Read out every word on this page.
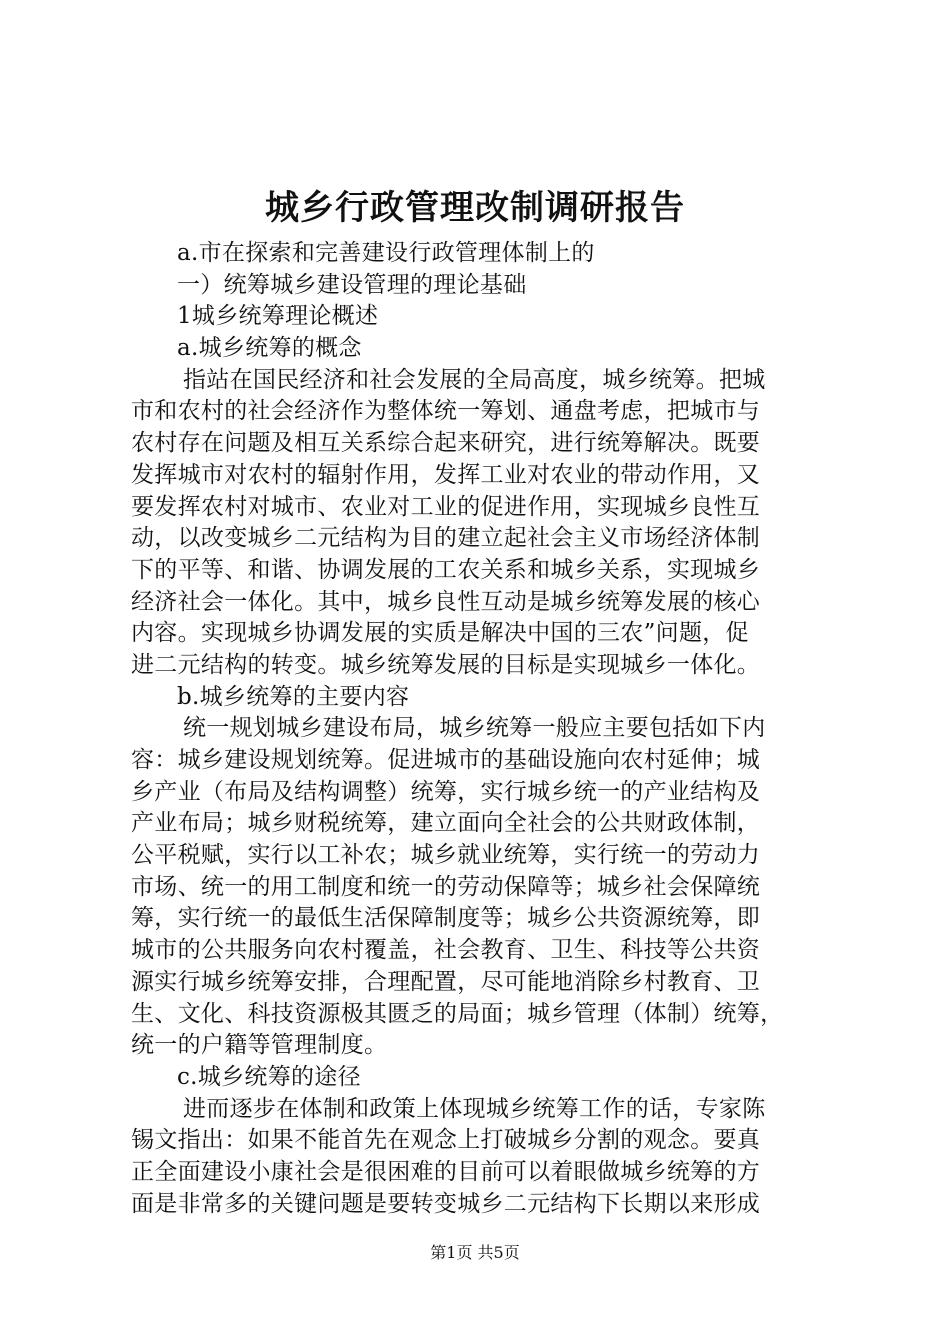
城乡行政管理改制调研报告
a.市在探索和完善建设行政管理体制上的
一）统筹城乡建设管理的理论基础
1城乡统筹理论概述
a.城乡统筹的概念
指站在国民经济和社会发展的全局高度，城乡统筹。把城
市和农村的社会经济作为整体统一筹划、通盘考虑，把城市与
农村存在问题及相互关系综合起来研究，进行统筹解决。既要
发挥城市对农村的辐射作用，发挥工业对农业的带动作用，又
要发挥农村对城市、农业对工业的促进作用，实现城乡良性互
动，以改变城乡二元结构为目的建立起社会主义市场经济体制
下的平等、和谐、协调发展的工农关系和城乡关系，实现城乡
经济社会一体化。其中，城乡良性互动是城乡统筹发展的核心
内容。实现城乡协调发展的实质是解决中国的三农”问题，促
进二元结构的转变。城乡统筹发展的目标是实现城乡一体化。
b.城乡统筹的主要内容
统一规划城乡建设布局，城乡统筹一般应主要包括如下内
容：城乡建设规划统筹。促进城市的基础设施向农村延伸；城
乡产业（布局及结构调整）统筹，实行城乡统一的产业结构及
产业布局；城乡财税统筹，建立面向全社会的公共财政体制，
公平税赋，实行以工补农；城乡就业统筹，实行统一的劳动力
市场、统一的用工制度和统一的劳动保障等；城乡社会保障统
筹，实行统一的最低生活保障制度等；城乡公共资源统筹，即
城市的公共服务向农村覆盖，社会教育、卫生、科技等公共资
源实行城乡统筹安排，合理配置，尽可能地消除乡村教育、卫
生、文化、科技资源极其匮乏的局面；城乡管理（体制）统筹，
统一的户籍等管理制度。
c.城乡统筹的途径
进而逐步在体制和政策上体现城乡统筹工作的话，专家陈
锡文指出：如果不能首先在观念上打破城乡分割的观念。要真
正全面建设小康社会是很困难的目前可以着眼做城乡统筹的方
面是非常多的关键问题是要转变城乡二元结构下长期以来形成
第1页 共5页
